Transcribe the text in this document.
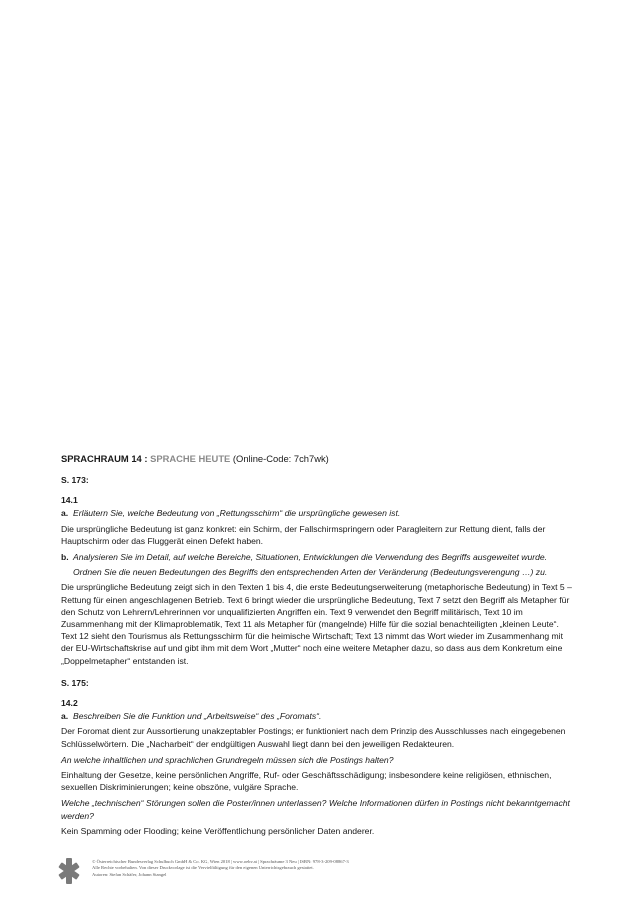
SPRACHRAUM 14 : SPRACHE HEUTE (Online-Code: 7ch7wk)
S. 173:
14.1
a. Erläutern Sie, welche Bedeutung von „Rettungsschirm“ die ursprüngliche gewesen ist.
Die ursprüngliche Bedeutung ist ganz konkret: ein Schirm, der Fallschirmspringern oder Paragleitern zur Rettung dient, falls der Hauptschirm oder das Fluggerät einen Defekt haben.
b. Analysieren Sie im Detail, auf welche Bereiche, Situationen, Entwicklungen die Verwendung des Begriffs ausgeweitet wurde.
Ordnen Sie die neuen Bedeutungen des Begriffs den entsprechenden Arten der Veränderung (Bedeutungsverengung …) zu.
Die ursprüngliche Bedeutung zeigt sich in den Texten 1 bis 4, die erste Bedeutungserweiterung (metaphorische Bedeutung) in Text 5 – Rettung für einen angeschlagenen Betrieb. Text 6 bringt wieder die ursprüngliche Bedeutung, Text 7 setzt den Begriff als Metapher für den Schutz von Lehrern/Lehrerinnen vor unqualifizierten Angriffen ein. Text 9 verwendet den Begriff militärisch, Text 10 im Zusammenhang mit der Klimaproblematik, Text 11 als Metapher für (mangelnde) Hilfe für die sozial benachteiligten „kleinen Leute“. Text 12 sieht den Tourismus als Rettungsschirm für die heimische Wirtschaft; Text 13 nimmt das Wort wieder im Zusammenhang mit der EU-Wirtschaftskrise auf und gibt ihm mit dem Wort „Mutter“ noch eine weitere Metapher dazu, so dass aus dem Konkretum eine „Doppelmetapher“ entstanden ist.
S. 175:
14.2
a. Beschreiben Sie die Funktion und „Arbeitsweise“ des „Foromats“.
Der Foromat dient zur Aussortierung unakzeptabler Postings; er funktioniert nach dem Prinzip des Ausschlusses nach eingegebenen Schlüsselwörtern. Die „Nacharbeit“ der endgültigen Auswahl liegt dann bei den jeweiligen Redakteuren.
An welche inhaltlichen und sprachlichen Grundregeln müssen sich die Postings halten?
Einhaltung der Gesetze, keine persönlichen Angriffe, Ruf- oder Geschäftsschädigung; insbesondere keine religiösen, ethnischen, sexuellen Diskriminierungen; keine obszöne, vulgäre Sprache.
Welche „technischen“ Störungen sollen die Poster/innen unterlassen? Welche Informationen dürfen in Postings nicht bekanntgemacht werden?
Kein Spamming oder Flooding; keine Veröffentlichung persönlicher Daten anderer.
© Österreichischer Bundesverlag Schulbuch GmbH & Co. KG, Wien 2018 | www.oebv.at | Sprachräume 3 Neu | ISBN: 978-3-209-08867-3
Alle Rechte vorbehalten. Von dieser Druckvorlage ist die Vervielfältigung für den eigenen Unterrichtsgebrauch gestattet.
Autoren: Stefan Schäfer, Johann Stangel
